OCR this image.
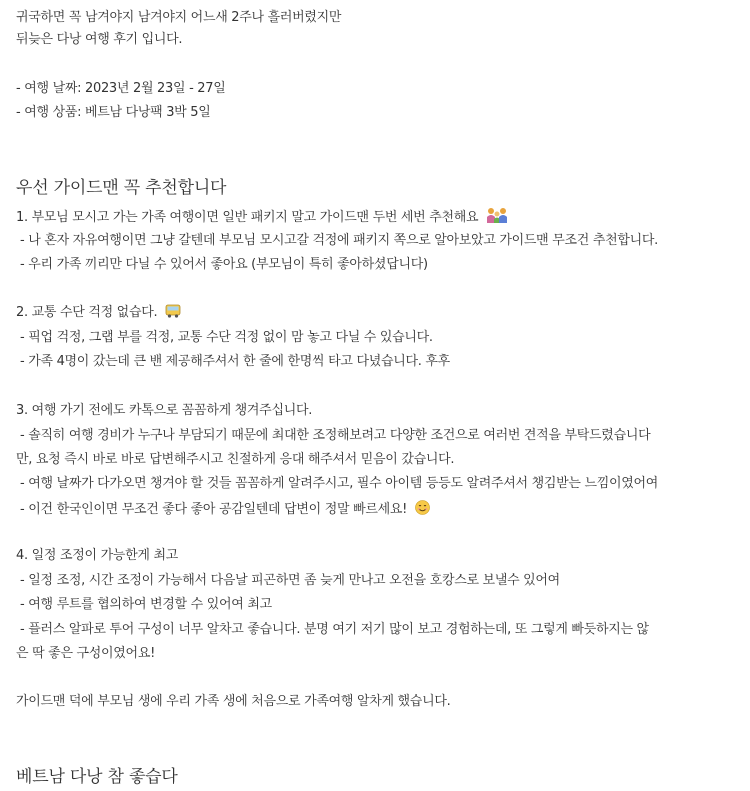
귀국하면 꼭 남겨야지 남겨야지 어느새 2주나 흘러버렸지만
뒤늦은 다낭 여행 후기 입니다.
- 여행 날짜: 2023년 2월 23일 - 27일
- 여행 상품: 베트남 다낭팩 3박 5일
우선 가이드맨 꼭 추천합니다
1. 부모님 모시고 가는 가족 여행이면 일반 패키지 말고 가이드맨 두번 세번 추천해요
- 나 혼자 자유여행이면 그냥 갈텐데 부모님 모시고갈 걱정에 패키지 쪽으로 알아보았고 가이드맨 무조건 추천합니다.
- 우리 가족 끼리만 다닐 수 있어서 좋아요 (부모님이 특히 좋아하셨답니다)
2. 교통 수단 걱정 없습다.
- 픽업 걱정, 그랩 부를 걱정, 교통 수단 걱정 없이 맘 놓고 다닐 수 있습니다.
- 가족 4명이 갔는데 큰 밴 제공해주셔서 한 줄에 한명씩 타고 다녔습니다. 후후
3. 여행 가기 전에도 카톡으로 꼼꼼하게 챙겨주십니다.
- 솔직히 여행 경비가 누구나 부담되기 때문에 최대한 조정해보려고 다양한 조건으로 여러번 견적을 부탁드렸습니다
만, 요청 즉시 바로 바로 답변해주시고 친절하게 응대 해주셔서 믿음이 갔습니다.
- 여행 날짜가 다가오면 챙겨야 할 것들 꼼꼼하게 알려주시고, 필수 아이템 등등도 알려주셔서 챙김받는 느낌이였어여
- 이건 한국인이면 무조건 좋다 좋아 공감일텐데 답변이 정말 빠르세요!
4. 일정 조정이 가능한게 최고
- 일정 조정, 시간 조정이 가능해서 다음날 피곤하면 좀 늦게 만나고 오전을 호캉스로 보낼수 있어여
- 여행 루트를 협의하여 변경할 수 있어여 최고
- 플러스 알파로 투어 구성이 너무 알차고 좋습니다. 분명 여기 저기 많이 보고 경험하는데, 또 그렇게 빠듯하지는 않
은 딱 좋은 구성이였어요!
가이드맨 덕에 부모님 생에 우리 가족 생에 처음으로 가족여행 알차게 했습니다.
베트남 다낭 참 좋습다
